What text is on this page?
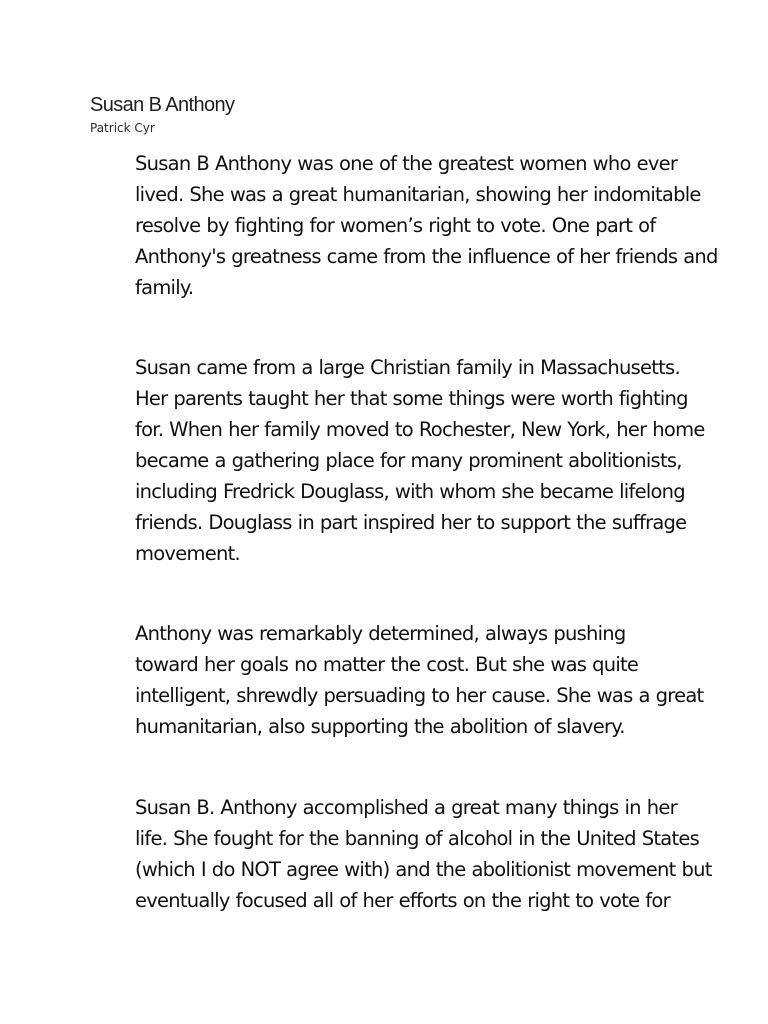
Susan B Anthony
Patrick Cyr

Susan B Anthony was one of the greatest women who ever
lived. She was a great humanitarian, showing her indomitable
resolve by fighting for women’s right to vote. One part of
Anthony's greatness came from the influence of her friends and
family.

Susan came from a large Christian family in Massachusetts.
Her parents taught her that some things were worth fighting
for. When her family moved to Rochester, New York, her home
became a gathering place for many prominent abolitionists,
including Fredrick Douglass, with whom she became lifelong
friends. Douglass in part inspired her to support the suffrage
movement.

Anthony was remarkably determined, always pushing
toward her goals no matter the cost. But she was quite
intelligent, shrewdly persuading to her cause. She was a great
humanitarian, also supporting the abolition of slavery.

Susan B. Anthony accomplished a great many things in her
life. She fought for the banning of alcohol in the United States
(which I do NOT agree with) and the abolitionist movement but
eventually focused all of her efforts on the right to vote for
